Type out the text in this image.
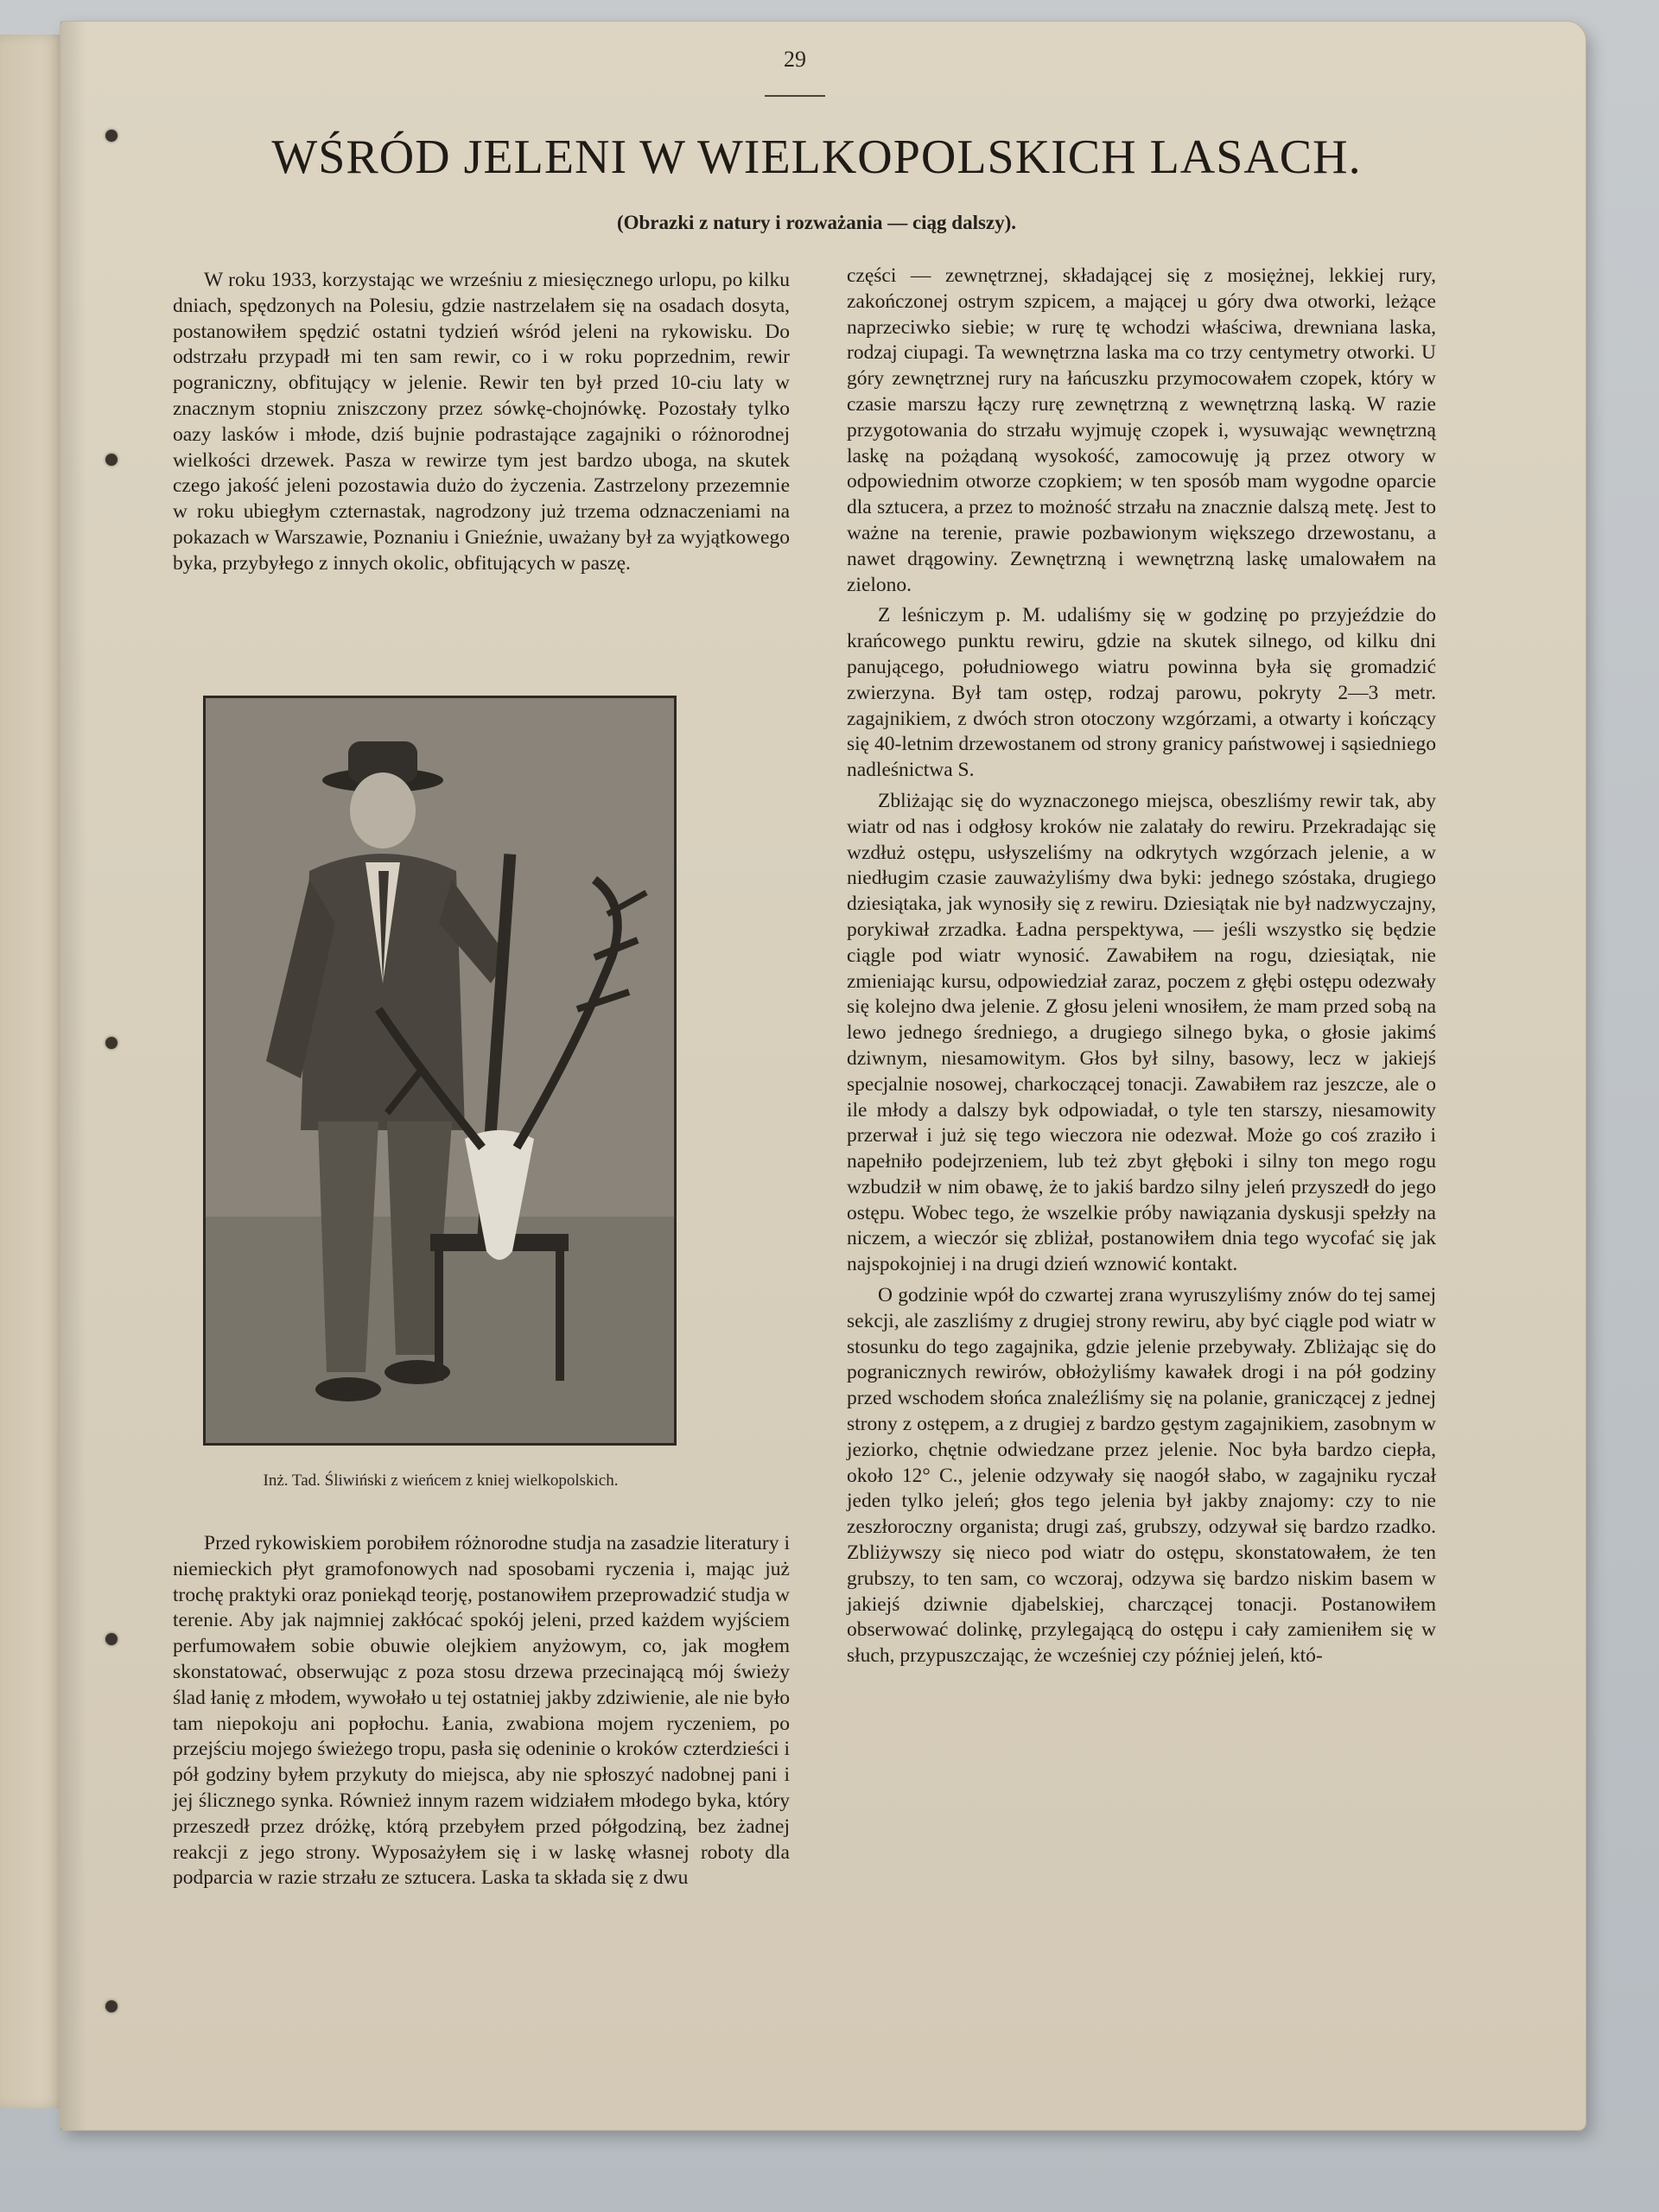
29
WŚRÓD JELENI W WIELKOPOLSKICH LASACH.
(Obrazki z natury i rozważania — ciąg dalszy).

W roku 1933, korzystając we wrześniu z miesięcznego urlopu, po kilku dniach, spędzonych na Polesiu, gdzie nastrzelałem się na osadach dosyta, postanowiłem spędzić ostatni tydzień wśród jeleni na rykowisku. Do odstrzału przypadł mi ten sam rewir, co i w roku poprzednim, rewir pograniczny, obfitujący w jelenie. Rewir ten był przed 10-ciu laty w znacznym stopniu zniszczony przez sówkę-chojnówkę. Pozostały tylko oazy lasków i młode, dziś bujnie podrastające zagajniki o różnorodnej wielkości drzewek. Pasza w rewirze tym jest bardzo uboga, na skutek czego jakość jeleni pozostawia dużo do życzenia. Zastrzelony przezemnie w roku ubiegłym czternastak, nagrodzony już trzema odznaczeniami na pokazach w Warszawie, Poznaniu i Gnieźnie, uważany był za wyjątkowego byka, przybyłego z innych okolic, obfitujących w paszę.

Inż. Tad. Śliwiński z wieńcem z kniej wielkopolskich.

Przed rykowiskiem porobiłem różnorodne studja na zasadzie literatury i niemieckich płyt gramofonowych nad sposobami ryczenia i, mając już trochę praktyki oraz poniekąd teorję, postanowiłem przeprowadzić studja w terenie. Aby jak najmniej zakłócać spokój jeleni, przed każdem wyjściem perfumowałem sobie obuwie olejkiem anyżowym, co, jak mogłem skonstatować, obserwując z poza stosu drzewa przecinającą mój świeży ślad łanię z młodem, wywołało u tej ostatniej jakby zdziwienie, ale nie było tam niepokoju ani popłochu. Łania, zwabiona mojem ryczeniem, po przejściu mojego świeżego tropu, pasła się odeninie o kroków czterdzieści i pół godziny byłem przykuty do miejsca, aby nie spłoszyć nadobnej pani i jej ślicznego synka. Również innym razem widziałem młodego byka, który przeszedł przez dróżkę, którą przebyłem przed półgodziną, bez żadnej reakcji z jego strony. Wyposażyłem się i w laskę własnej roboty dla podparcia w razie strzału ze sztucera. Laska ta składa się z dwu

części — zewnętrznej, składającej się z mosiężnej, lekkiej rury, zakończonej ostrym szpicem, a mającej u góry dwa otworki, leżące naprzeciwko siebie; w rurę tę wchodzi właściwa, drewniana laska, rodzaj ciupagi. Ta wewnętrzna laska ma co trzy centymetry otworki. U góry zewnętrznej rury na łańcuszku przymocowałem czopek, który w czasie marszu łączy rurę zewnętrzną z wewnętrzną laską. W razie przygotowania do strzału wyjmuję czopek i, wysuwając wewnętrzną laskę na pożądaną wysokość, zamocowuję ją przez otwory w odpowiednim otworze czopkiem; w ten sposób mam wygodne oparcie dla sztucera, a przez to możność strzału na znacznie dalszą metę. Jest to ważne na terenie, prawie pozbawionym większego drzewostanu, a nawet drągowiny. Zewnętrzną i wewnętrzną laskę umalowałem na zielono.

Z leśniczym p. M. udaliśmy się w godzinę po przyjeździe do krańcowego punktu rewiru, gdzie na skutek silnego, od kilku dni panującego, południowego wiatru powinna była się gromadzić zwierzyna. Był tam ostęp, rodzaj parowu, pokryty 2—3 metr. zagajnikiem, z dwóch stron otoczony wzgórzami, a otwarty i kończący się 40-letnim drzewostanem od strony granicy państwowej i sąsiedniego nadleśnictwa S.

Zbliżając się do wyznaczonego miejsca, obeszliśmy rewir tak, aby wiatr od nas i odgłosy kroków nie zalatały do rewiru. Przekradając się wzdłuż ostępu, usłyszeliśmy na odkrytych wzgórzach jelenie, a w niedługim czasie zauważyliśmy dwa byki: jednego szóstaka, drugiego dziesiątaka, jak wynosiły się z rewiru. Dziesiątak nie był nadzwyczajny, porykiwał zrzadka. Ładna perspektywa, — jeśli wszystko się będzie ciągle pod wiatr wynosić. Zawabiłem na rogu, dziesiątak, nie zmieniając kursu, odpowiedział zaraz, poczem z głębi ostępu odezwały się kolejno dwa jelenie. Z głosu jeleni wnosiłem, że mam przed sobą na lewo jednego średniego, a drugiego silnego byka, o głosie jakimś dziwnym, niesamowitym. Głos był silny, basowy, lecz w jakiejś specjalnie nosowej, charkoczącej tonacji. Zawabiłem raz jeszcze, ale o ile młody a dalszy byk odpowiadał, o tyle ten starszy, niesamowity przerwał i już się tego wieczora nie odezwał. Może go coś zraziło i napełniło podejrzeniem, lub też zbyt głęboki i silny ton mego rogu wzbudził w nim obawę, że to jakiś bardzo silny jeleń przyszedł do jego ostępu. Wobec tego, że wszelkie próby nawiązania dyskusji spełzły na niczem, a wieczór się zbliżał, postanowiłem dnia tego wycofać się jak najspokojniej i na drugi dzień wznowić kontakt.

O godzinie wpół do czwartej zrana wyruszyliśmy znów do tej samej sekcji, ale zaszliśmy z drugiej strony rewiru, aby być ciągle pod wiatr w stosunku do tego zagajnika, gdzie jelenie przebywały. Zbliżając się do pogranicznych rewirów, obłożyliśmy kawałek drogi i na pół godziny przed wschodem słońca znaleźliśmy się na polanie, graniczącej z jednej strony z ostępem, a z drugiej z bardzo gęstym zagajnikiem, zasobnym w jeziorko, chętnie odwiedzane przez jelenie. Noc była bardzo ciepła, około 12° C., jelenie odzywały się naogół słabo, w zagajniku ryczał jeden tylko jeleń; głos tego jelenia był jakby znajomy: czy to nie zeszłoroczny organista; drugi zaś, grubszy, odzywał się bardzo rzadko. Zbliżywszy się nieco pod wiatr do ostępu, skonstatowałem, że ten grubszy, to ten sam, co wczoraj, odzywa się bardzo niskim basem w jakiejś dziwnie djabelskiej, charczącej tonacji. Postanowiłem obserwować dolinkę, przylegającą do ostępu i cały zamieniłem się w słuch, przypuszczając, że wcześniej czy później jeleń, któ-
